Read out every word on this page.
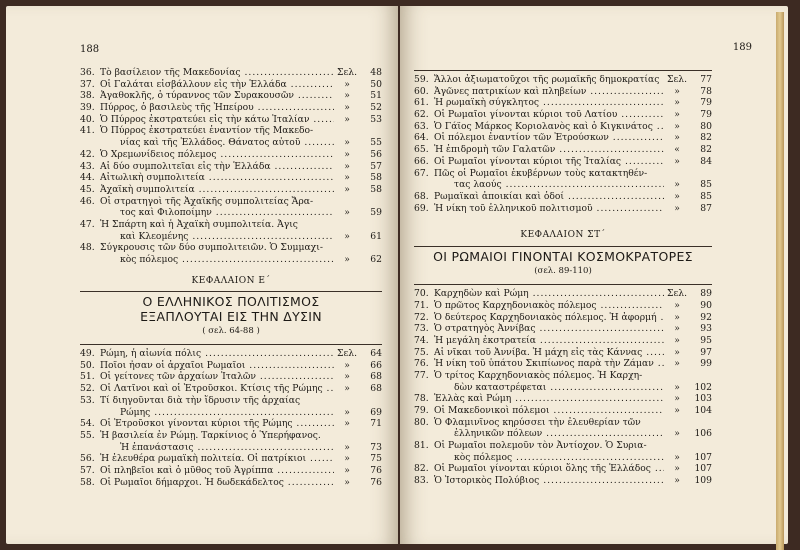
188
36. Τὸ βασίλειον τῆς Μακεδονίας .....	Σελ.	48
37. Οἱ Γαλάται εἰσβάλλουν εἰς τὴν Ἑλλάδα .....	»	50
38. Ἀγαθοκλῆς, ὁ τύραννος τῶν Συρακουσῶν .....	»	51
39. Πύρρος, ὁ βασιλεὺς τῆς Ἠπείρου .....	»	52
40. Ὁ Πύρρος ἐκστρατεύει εἰς τὴν κάτω Ἰταλίαν .....	»	53
41. Ὁ Πύρρος ἐκστρατεύει ἐναντίον τῆς Μακεδο-
νίας καὶ τῆς Ἑλλάδος. Θάνατος αὐτοῦ .....	»	55
42. Ὁ Χρεμωνίδειος πόλεμος .....	»	56
43. Αἱ δύο συμπολιτεῖαι εἰς τὴν Ἑλλάδα .....	»	57
44. Αἰτωλικὴ συμπολιτεία .....	»	58
45. Ἀχαϊκὴ συμπολιτεία .....	»	58
46. Οἱ στρατηγοὶ τῆς Ἀχαϊκῆς συμπολιτείας Ἄρα-
τος καὶ Φιλοποίμην .....	»	59
47. Ἡ Σπάρτη καὶ ἡ Ἀχαϊκὴ συμπολιτεία. Ἆγις
καὶ Κλεομένης .....	»	61
48. Σύγκρουσις τῶν δύο συμπολιτειῶν. Ὁ Συμμαχι-
κὸς πόλεμος .....	»	62
ΚΕΦΑΛΑΙΟΝ Ε΄
Ο ΕΛΛΗΝΙΚΟΣ ΠΟΛΙΤΙΣΜΟΣ
ΕΞΑΠΛΟΥΤΑΙ ΕΙΣ ΤΗΝ ΔΥΣΙΝ
( σελ. 64-88 )
49. Ρώμη, ἡ αἰωνία πόλις .....	Σελ.	64
50. Ποῖοι ἦσαν οἱ ἀρχαῖοι Ρωμαῖοι .....	»	66
51. Οἱ γείτονες τῶν ἀρχαίων Ἰταλῶν .....	»	68
52. Οἱ Λατῖνοι καὶ οἱ Ἐτροῦσκοι. Κτίσις τῆς Ρώμης .....	»	68
53. Τί διηγοῦνται διὰ τὴν ἵδρυσιν τῆς ἀρχαίας
Ρώμης .....	»	69
54. Οἱ Ἐτροῦσκοι γίνονται κύριοι τῆς Ρώμης .....	»	71
55. Ἡ βασιλεία ἐν Ρώμῃ. Ταρκίνιος ὁ Ὑπερήφανος.
Ἡ ἐπανάστασις .....	»	73
56. Ἡ ἐλευθέρα ρωμαϊκὴ πολιτεία. Οἱ πατρίκιοι .....	»	75
57. Οἱ πληβεῖοι καὶ ὁ μῦθος τοῦ Ἀγρίππα .....	»	76
58. Οἱ Ρωμαῖοι δήμαρχοι. Ἡ δωδεκάδελτος .....	»	76
189
59. Ἄλλοι ἀξιωματοῦχοι τῆς ρωμαϊκῆς δημοκρατίας ..... Σελ.	77
60. Ἀγῶνες πατρικίων καὶ πληβείων .....	»	78
61. Ἡ ρωμαϊκὴ σύγκλητος .....	»	79
62. Οἱ Ρωμαῖοι γίνονται κύριοι τοῦ Λατίου .....	»	79
63. Ὁ Γάϊος Μάρκος Κοριολανὸς καὶ ὁ Κιγκινάτος .....	»	80
64. Οἱ πόλεμοι ἐναντίον τῶν Ἐτρούσκων .....	»	82
65. Ἡ ἐπιδρομὴ τῶν Γαλατῶν .....	«	82
66. Οἱ Ρωμαῖοι γίνονται κύριοι τῆς Ἰταλίας .....	»	84
67. Πῶς οἱ Ρωμαῖοι ἐκυβέρνων τοὺς κατακτηθέν-
τας λαούς .....	»	85
68. Ρωμαϊκαὶ ἀποικίαι καὶ ὁδοί .....	»	85
69. Ἡ νίκη τοῦ ἑλληνικοῦ πολιτισμοῦ .....	»	87
ΚΕΦΑΛΑΙΟΝ ΣΤ΄
ΟΙ ΡΩΜΑΙΟΙ ΓΙΝΟΝΤΑΙ ΚΟΣΜΟΚΡΑΤΟΡΕΣ
(σελ. 89-110)
70. Καρχηδὼν καὶ Ρώμη .....	Σελ.	89
71. Ὁ πρῶτος Καρχηδονιακὸς πόλεμος .....	»	90
72. Ὁ δεύτερος Καρχηδονιακὸς πόλεμος. Ἡ ἀφορμή .....	»	92
73. Ὁ στρατηγὸς Ἀννίβας .....	»	93
74. Ἡ μεγάλη ἐκστρατεία .....	»	95
75. Αἱ νῖκαι τοῦ Ἀννίβα. Ἡ μάχη εἰς τὰς Κάννας .....	»	97
76. Ἡ νίκη τοῦ ὑπάτου Σκιπίωνος παρὰ τὴν Ζάμαν .....	»	99
77. Ὁ τρίτος Καρχηδονιακὸς πόλεμος. Ἡ Καρχη-
δὼν καταστρέφεται .....	»	102
78. Ἑλλὰς καὶ Ρώμη .....	»	103
79. Οἱ Μακεδονικοὶ πόλεμοι .....	»	104
80. Ὁ Φλαμινῖνος κηρύσσει τὴν ἐλευθερίαν τῶν
ἑλληνικῶν πόλεων .....	»	106
81. Οἱ Ρωμαῖοι πολεμοῦν τὸν Ἀντίοχον. Ὁ Συρια-
κὸς πόλεμος .....	»	107
82. Οἱ Ρωμαῖοι γίνονται κύριοι ὅλης τῆς Ἑλλάδος .....	»	107
83. Ὁ Ἱστορικὸς Πολύβιος .....	»	109
